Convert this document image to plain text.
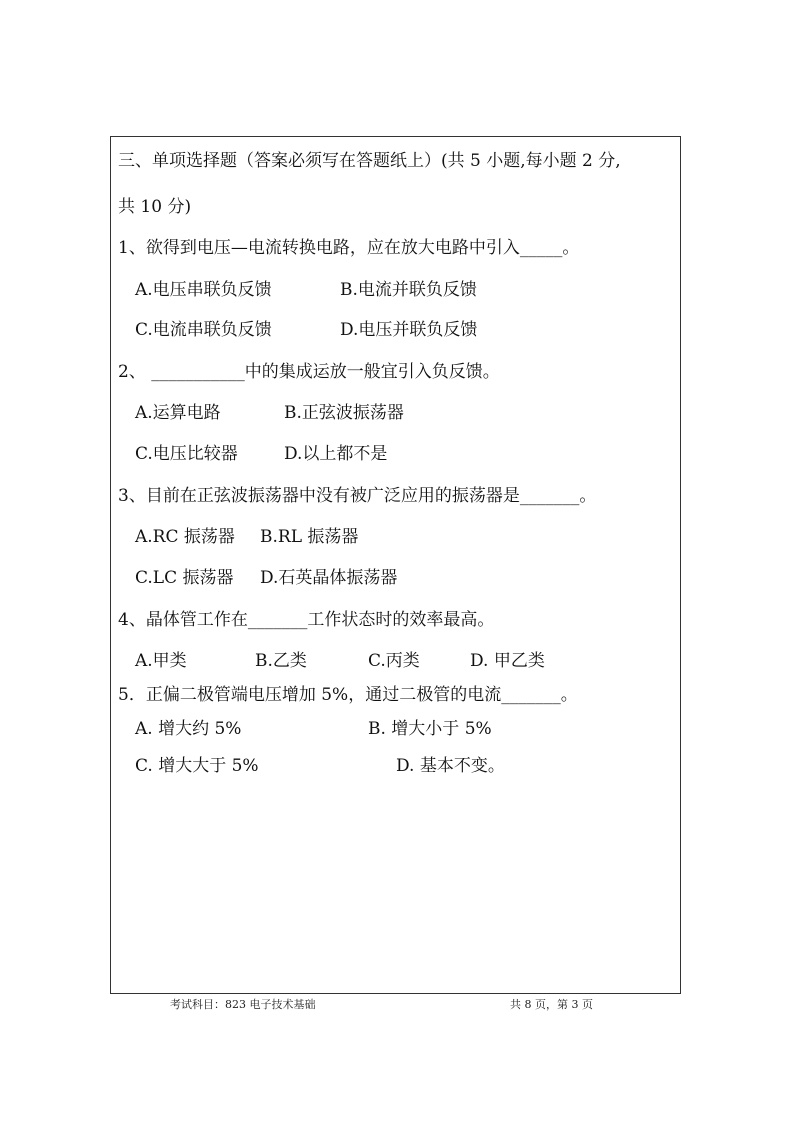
三、单项选择题（答案必须写在答题纸上）(共 5 小题,每小题 2 分,
共 10 分)
1、欲得到电压—电流转换电路，应在放大电路中引入_____。
A.电压串联负反馈	B.电流并联负反馈
C.电流串联负反馈	D.电压并联负反馈
2、 ___________中的集成运放一般宜引入负反馈。
A.运算电路	B.正弦波振荡器
C.电压比较器	D.以上都不是
3、目前在正弦波振荡器中没有被广泛应用的振荡器是_______。
A.RC 振荡器 B.RL 振荡器
C.LC 振荡器 D.石英晶体振荡器
4、晶体管工作在_______工作状态时的效率最高。
A.甲类	B.乙类	C.丙类	D. 甲乙类
5．正偏二极管端电压增加 5%，通过二极管的电流_______。
A. 增大约 5%	B. 增大小于 5%
C. 增大大于 5%	D. 基本不变。
考试科目：823 电子技术基础	共 8 页，第 3 页
